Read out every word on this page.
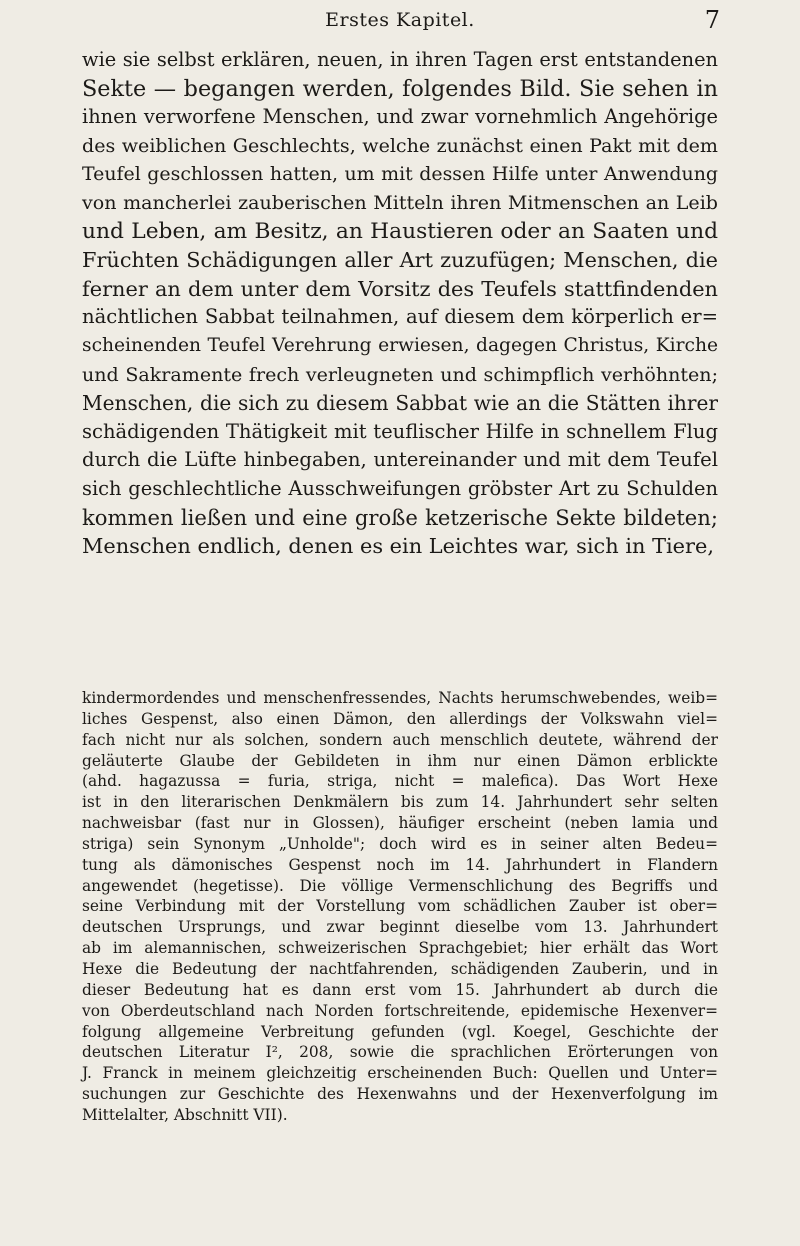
Erstes Kapitel.	7

wie sie selbst erklären, neuen, in ihren Tagen erst entstandenen
Sekte — begangen werden, folgendes Bild. Sie sehen in
ihnen verworfene Menschen, und zwar vornehmlich Angehörige
des weiblichen Geschlechts, welche zunächst einen Pakt mit dem
Teufel geschlossen hatten, um mit dessen Hilfe unter Anwendung
von mancherlei zauberischen Mitteln ihren Mitmenschen an Leib
und Leben, am Besitz, an Haustieren oder an Saaten und
Früchten Schädigungen aller Art zuzufügen; Menschen, die
ferner an dem unter dem Vorsitz des Teufels stattfindenden
nächtlichen Sabbat teilnahmen, auf diesem dem körperlich er=
scheinenden Teufel Verehrung erwiesen, dagegen Christus, Kirche
und Sakramente frech verleugneten und schimpflich verhöhnten;
Menschen, die sich zu diesem Sabbat wie an die Stätten ihrer
schädigenden Thätigkeit mit teuflischer Hilfe in schnellem Flug
durch die Lüfte hinbegaben, untereinander und mit dem Teufel
sich geschlechtliche Ausschweifungen gröbster Art zu Schulden
kommen ließen und eine große ketzerische Sekte bildeten;
Menschen endlich, denen es ein Leichtes war, sich in Tiere,

kindermordendes und menschenfressendes, Nachts herumschwebendes, weib=
liches Gespenst, also einen Dämon, den allerdings der Volkswahn viel=
fach nicht nur als solchen, sondern auch menschlich deutete, während der
geläuterte Glaube der Gebildeten in ihm nur einen Dämon erblickte
(ahd. hagazussa = furia, striga, nicht = malefica). Das Wort Hexe
ist in den literarischen Denkmälern bis zum 14. Jahrhundert sehr selten
nachweisbar (fast nur in Glossen), häufiger erscheint (neben lamia und
striga) sein Synonym „Unholde"; doch wird es in seiner alten Bedeu=
tung als dämonisches Gespenst noch im 14. Jahrhundert in Flandern
angewendet (hegetisse). Die völlige Vermenschlichung des Begriffs und
seine Verbindung mit der Vorstellung vom schädlichen Zauber ist ober=
deutschen Ursprungs, und zwar beginnt dieselbe vom 13. Jahrhundert
ab im alemannischen, schweizerischen Sprachgebiet; hier erhält das Wort
Hexe die Bedeutung der nachtfahrenden, schädigenden Zauberin, und in
dieser Bedeutung hat es dann erst vom 15. Jahrhundert ab durch die
von Oberdeutschland nach Norden fortschreitende, epidemische Hexenver=
folgung allgemeine Verbreitung gefunden (vgl. Koegel, Geschichte der
deutschen Literatur I², 208, sowie die sprachlichen Erörterungen von
J. Franck in meinem gleichzeitig erscheinenden Buch: Quellen und Unter=
suchungen zur Geschichte des Hexenwahns und der Hexenverfolgung im
Mittelalter, Abschnitt VII).
